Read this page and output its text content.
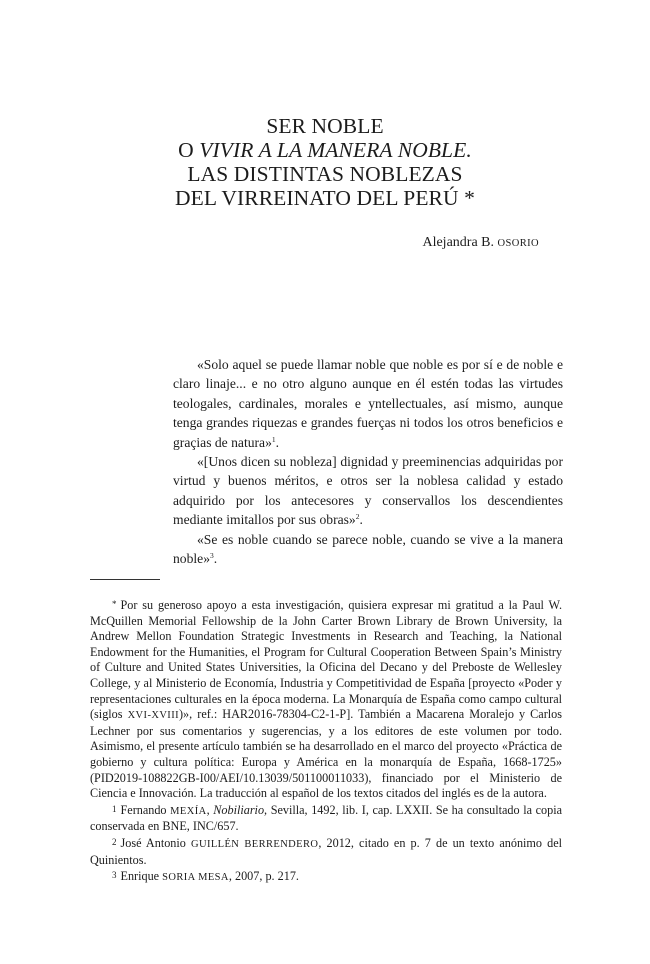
SER NOBLE
O VIVIR A LA MANERA NOBLE.
LAS DISTINTAS NOBLEZAS
DEL VIRREINATO DEL PERÚ *
Alejandra B. OSORIO

«Solo aquel se puede llamar noble que noble es por sí e de noble e claro linaje... e no otro alguno aunque en él estén todas las virtudes teologales, cardinales, morales e yntellectuales, así mismo, aunque tenga grandes riquezas e grandes fuerças ni todos los otros beneficios e graçias de natura»$^1$.

«[Unos dicen su nobleza] dignidad y preeminencias adquiridas por virtud y buenos méritos, e otros ser la noblesa calidad y estado adquirido por los antecesores y conservallos los descendientes mediante imitallos por sus obras»$^2$.

«Se es noble cuando se parece noble, cuando se vive a la manera noble»$^3$.

* Por su generoso apoyo a esta investigación, quisiera expresar mi gratitud a la Paul W. McQuillen Memorial Fellowship de la John Carter Brown Library de Brown University, la Andrew Mellon Foundation Strategic Investments in Research and Teaching, la National Endowment for the Humanities, el Program for Cultural Cooperation Between Spain’s Ministry of Culture and United States Universities, la Oficina del Decano y del Preboste de Wellesley College, y al Ministerio de Economía, Industria y Competitividad de España [proyecto «Poder y representaciones culturales en la época moderna. La Monarquía de España como campo cultural (siglos XVI-XVIII)», ref.: HAR2016-78304-C2-1-P]. También a Macarena Moralejo y Carlos Lechner por sus comentarios y sugerencias, y a los editores de este volumen por todo. Asimismo, el presente artículo también se ha desarrollado en el marco del proyecto «Práctica de gobierno y cultura política: Europa y América en la monarquía de España, 1668-1725» (PID2019-108822GB-I00/AEI/10.13039/501100011033), financiado por el Ministerio de Ciencia e Innovación. La traducción al español de los textos citados del inglés es de la autora.

1 Fernando MEXÍA, Nobiliario, Sevilla, 1492, lib. I, cap. LXXII. Se ha consultado la copia conservada en BNE, INC/657.

2 José Antonio GUILLÉN BERRENDERO, 2012, citado en p. 7 de un texto anónimo del Quinientos.

3 Enrique SORIA MESA, 2007, p. 217.
